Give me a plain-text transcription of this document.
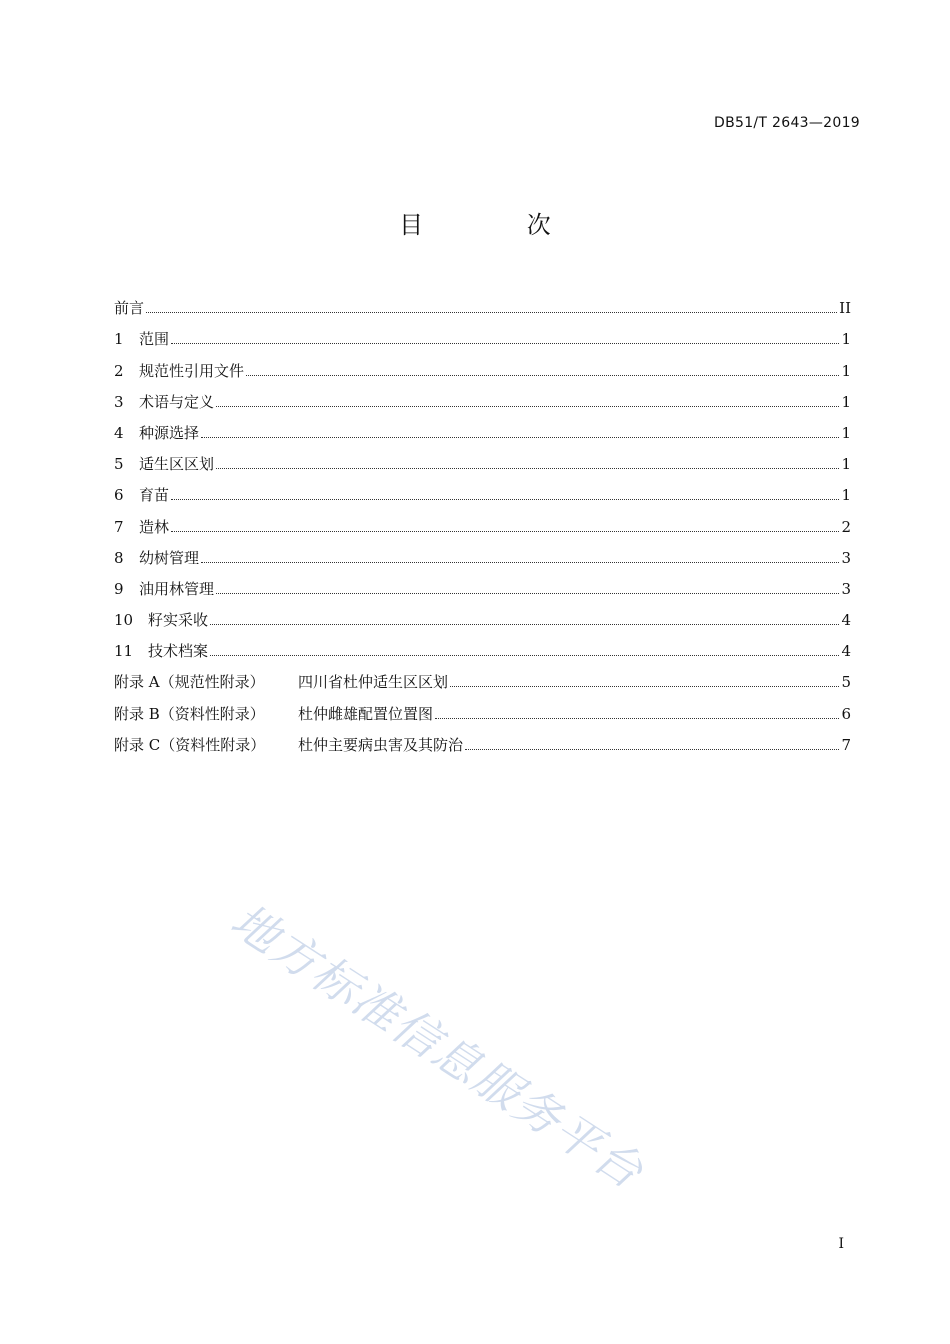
DB51/T 2643—2019
目 次
前言	II
1	范围	1
2	规范性引用文件	1
3	术语与定义	1
4	种源选择	1
5	适生区区划	1
6	育苗	1
7	造林	2
8	幼树管理	3
9	油用林管理	3
10 籽实采收	4
11 技术档案	4
附录 A（规范性附录）	四川省杜仲适生区区划	5
附录 B（资料性附录）	杜仲雌雄配置位置图	6
附录 C（资料性附录）	杜仲主要病虫害及其防治	7
地方标准信息服务平台
I
